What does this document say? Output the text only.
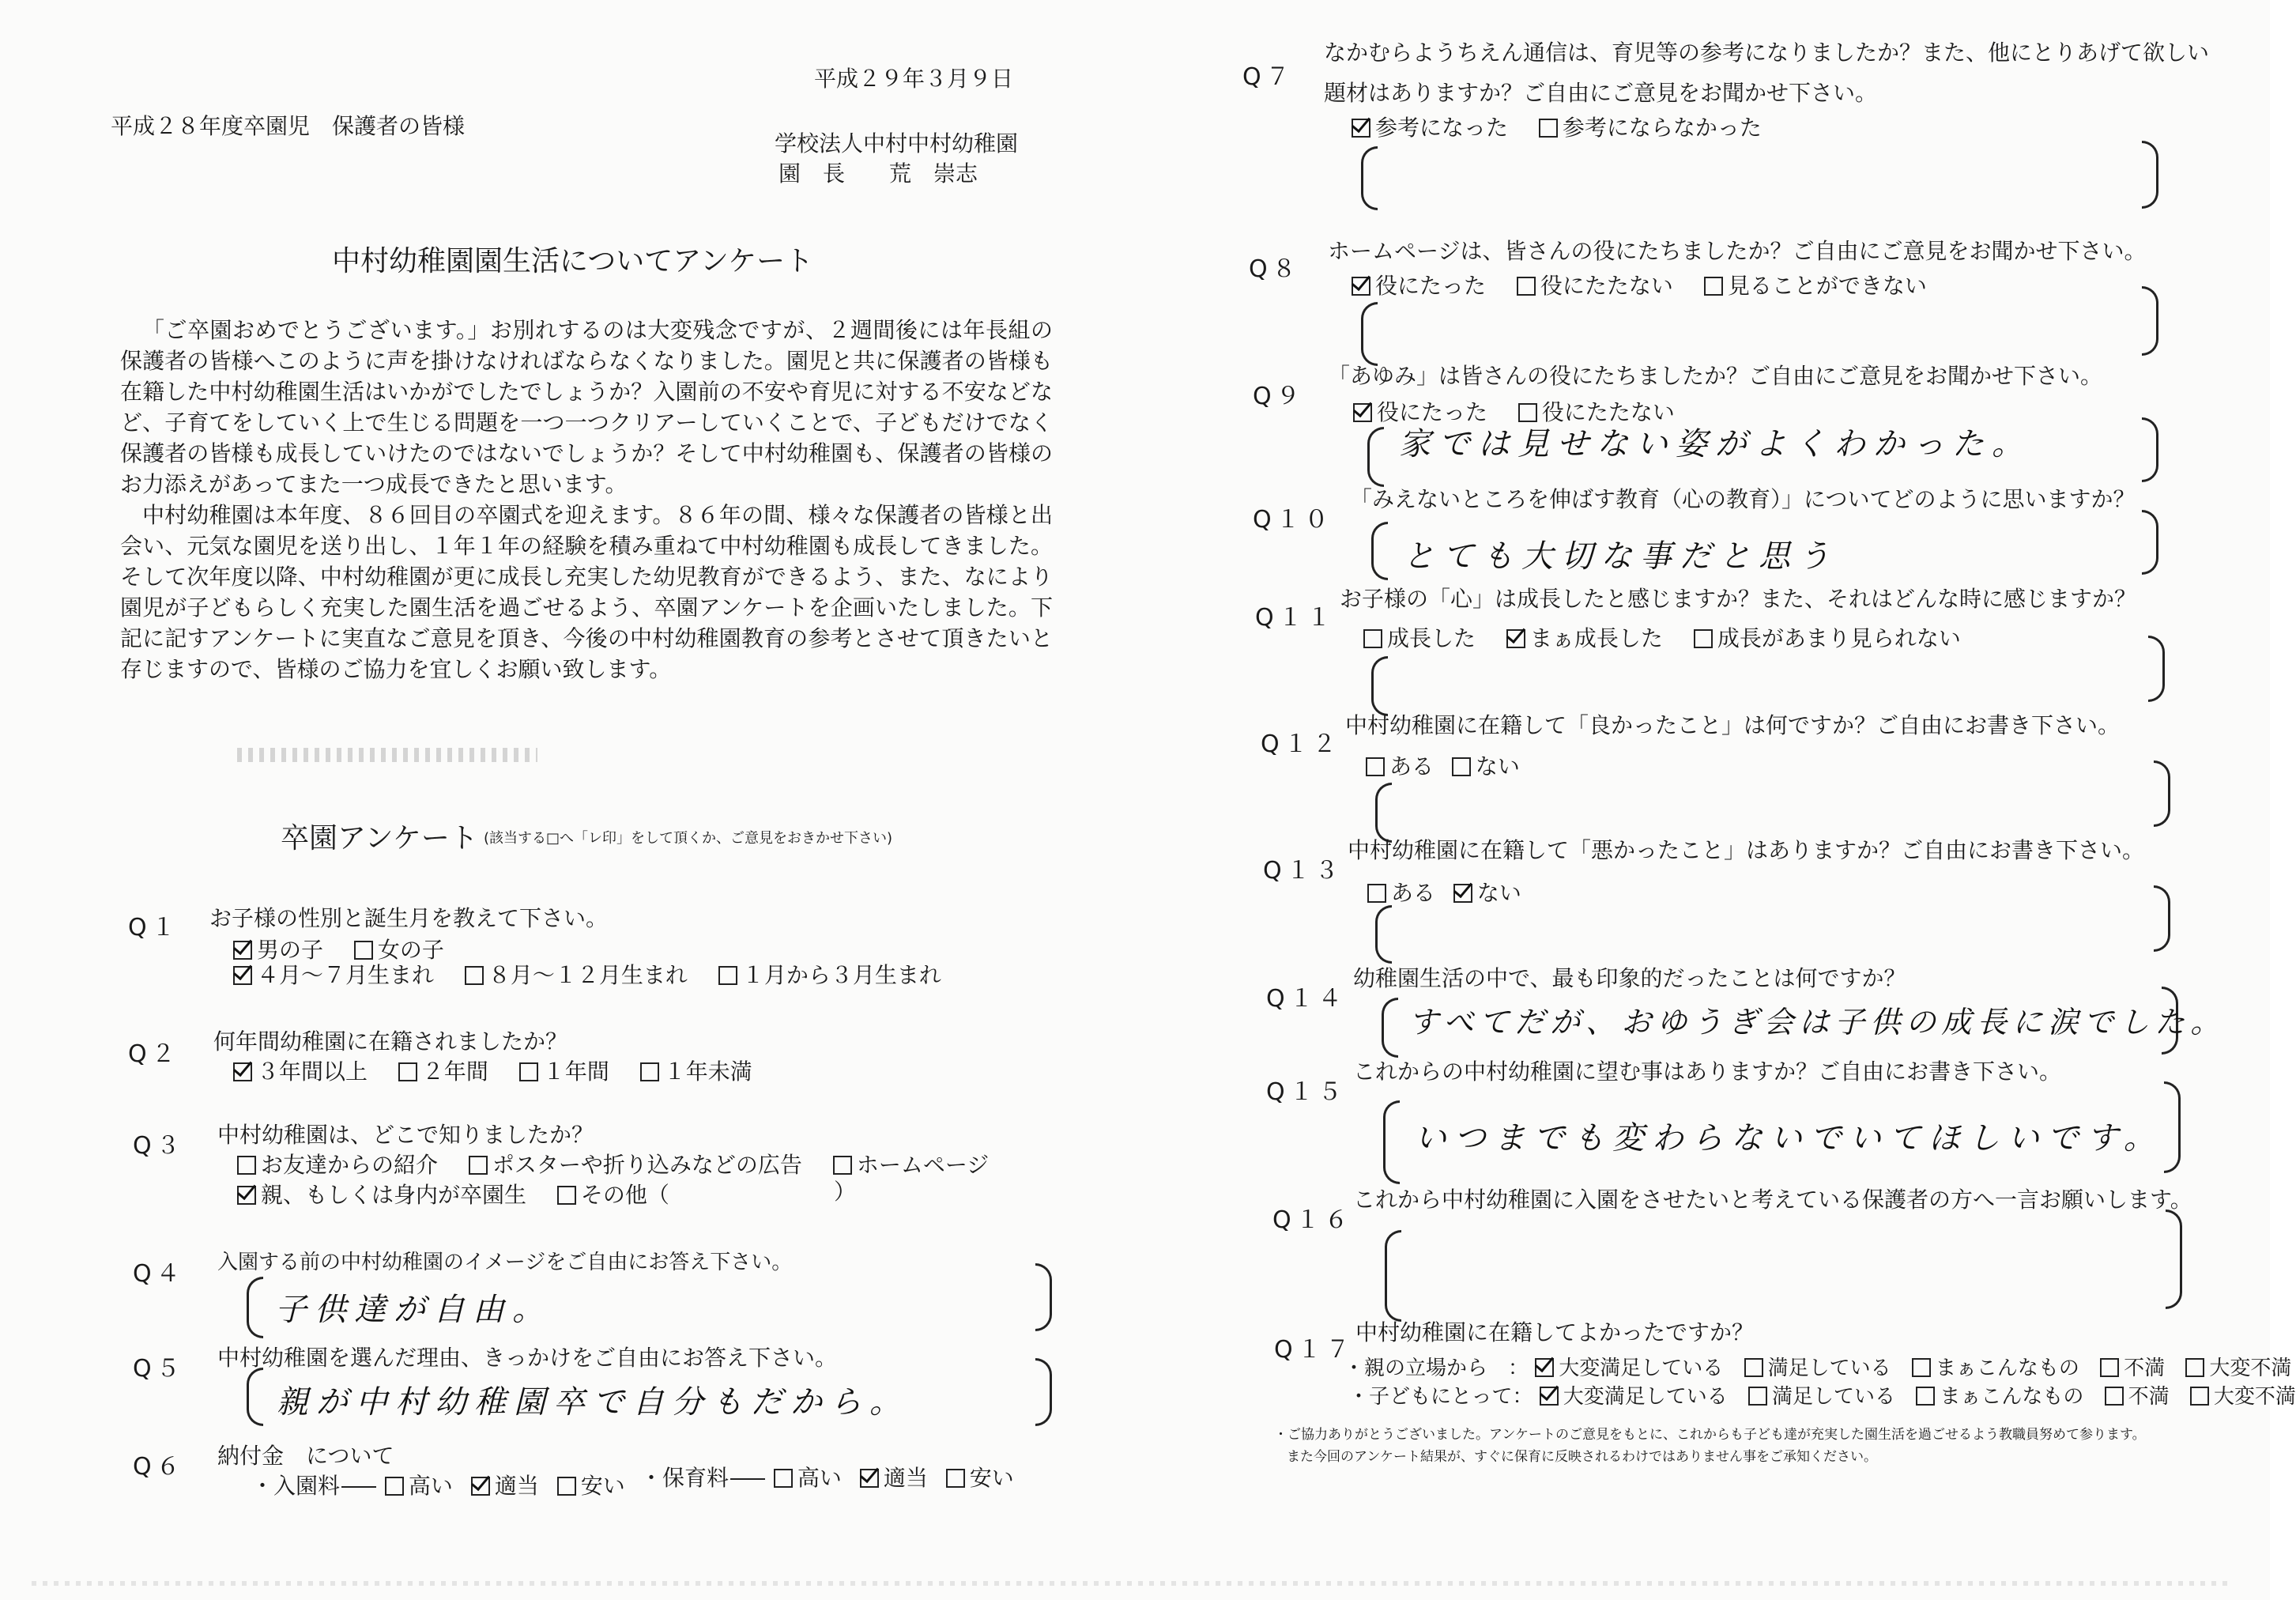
平成２９年３月９日
平成２８年度卒園児　保護者の皆様
学校法人中村中村幼稚園
園　長　　荒　崇志
中村幼稚園園生活についてアンケート

「ご卒園おめでとうございます。」お別れするのは大変残念ですが、２週間後には年長組の保護者の皆様へこのように声を掛けなければならなくなりました。園児と共に保護者の皆様も在籍した中村幼稚園生活はいかがでしたでしょうか？入園前の不安や育児に対する不安などなど、子育てをしていく上で生じる問題を一つ一つクリアーしていくことで、子どもだけでなく保護者の皆様も成長していけたのではないでしょうか？そして中村幼稚園も、保護者の皆様のお力添えがあってまた一つ成長できたと思います。

中村幼稚園は本年度、８６回目の卒園式を迎えます。８６年の間、様々な保護者の皆様と出会い、元気な園児を送り出し、１年１年の経験を積み重ねて中村幼稚園も成長してきました。そして次年度以降、中村幼稚園が更に成長し充実した幼児教育ができるよう、また、なにより園児が子どもらしく充実した園生活を過ごせるよう、卒園アンケートを企画いたしました。下記に記すアンケートに実直なご意見を頂き、今後の中村幼稚園教育の参考とさせて頂きたいと存じますので、皆様のご協力を宜しくお願い致します。

卒園アンケート (該当する□へ「レ印」をして頂くか、ご意見をおきかせ下さい)
Q１ お子様の性別と誕生月を教えて下さい。
男の子 女の子
４月～７月生まれ ８月～１２月生まれ １月から３月生まれ
Q２ 何年間幼稚園に在籍されましたか？
３年間以上 ２年間 １年間 １年未満
Q３ 中村幼稚園は、どこで知りましたか？
お友達からの紹介 ポスターや折り込みなどの広告 ホームページ
親、もしくは身内が卒園生 その他（	）
Q４ 入園する前の中村幼稚園のイメージをご自由にお答え下さい。
子供達が自由。
Q５ 中村幼稚園を選んだ理由、きっかけをご自由にお答え下さい。
親が中村幼稚園卒で自分もだから。
Q６ 納付金　について
・入園料	高い 適当 安い ・保育料	高い 適当 安い
Q７
なかむらようちえん通信は、育児等の参考になりましたか？また、他にとりあげて欲しい
題材はありますか？ご自由にご意見をお聞かせ下さい。
参考になった 参考にならなかった
Q８
ホームページは、皆さんの役にたちましたか？ご自由にご意見をお聞かせ下さい。
役にたった 役にたたない 見ることができない
Q９
「あゆみ」は皆さんの役にたちましたか？ご自由にご意見をお聞かせ下さい。
役にたった 役にたたない
家では見せない姿がよくわかった。
Q１０
「みえないところを伸ばす教育（心の教育）」についてどのように思いますか？
とても大切な事だと思う
Q１１
お子様の「心」は成長したと感じますか？また、それはどんな時に感じますか？
成長した まぁ成長した 成長があまり見られない
Q１２
中村幼稚園に在籍して「良かったこと」は何ですか？ご自由にお書き下さい。
ある ない
Q１３
中村幼稚園に在籍して「悪かったこと」はありますか？ご自由にお書き下さい。
ある ない
Q１４
幼稚園生活の中で、最も印象的だったことは何ですか？
すべてだが、おゆうぎ会は子供の成長に涙でした。
Q１５
これからの中村幼稚園に望む事はありますか？ご自由にお書き下さい。
いつまでも変わらないでいてほしいです。
Q１６
これから中村幼稚園に入園をさせたいと考えている保護者の方へ一言お願いします。
Q１７
中村幼稚園に在籍してよかったですか？
・親の立場から　： 大変満足している 満足している まぁこんなもの 不満 大変不満
・子どもにとって： 大変満足している 満足している まぁこんなもの 不満 大変不満
・ご協力ありがとうございました。アンケートのご意見をもとに、これからも子ども達が充実した園生活を過ごせるよう教職員努めて参ります。
また今回のアンケート結果が、すぐに保育に反映されるわけではありません事をご承知ください。
